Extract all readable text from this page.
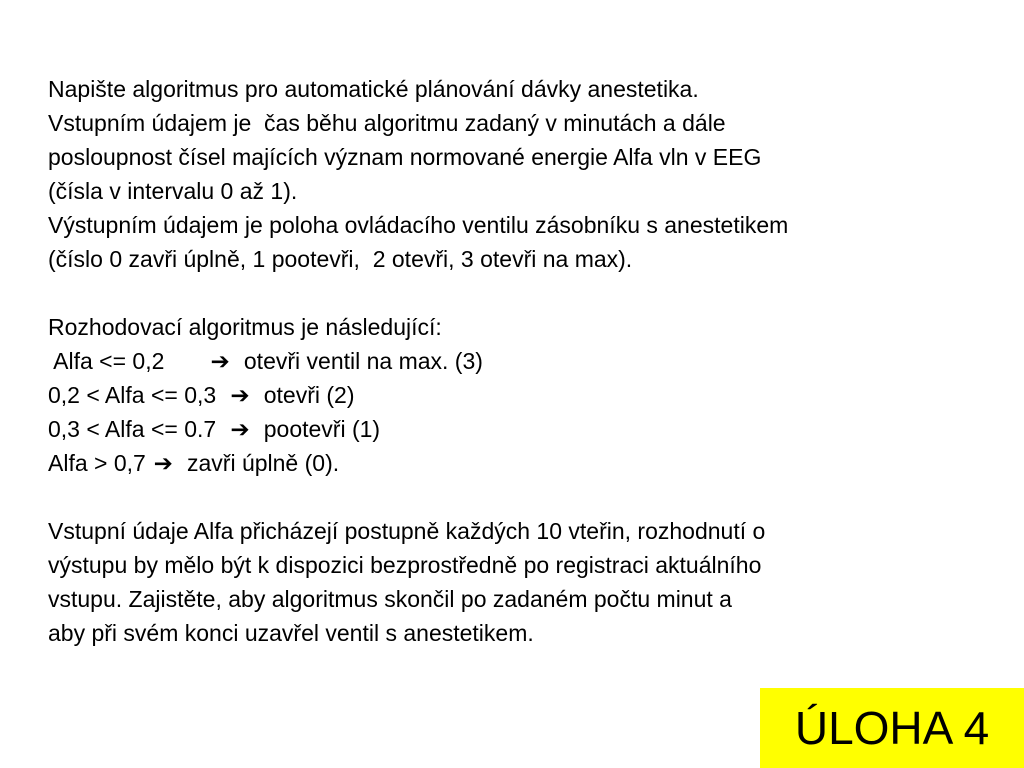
Napište algoritmus pro automatické plánování dávky anestetika.
Vstupním údajem je  čas běhu algoritmu zadaný v minutách a dále
posloupnost čísel majících význam normované energie Alfa vln v EEG
(čísla v intervalu 0 až 1).
Výstupním údajem je poloha ovládacího ventilu zásobníku s anestetikem
(číslo 0 zavři úplně, 1 pootevři,  2 otevři, 3 otevři na max).
Rozhodovací algoritmus je následující:
Alfa <= 0,2       ➔  otevři ventil na max. (3)
0,2 < Alfa <= 0,3  ➔  otevři (2)
0,3 < Alfa <= 0.7  ➔  pootevři (1)
Alfa > 0,7 ➔  zavři úplně (0).
Vstupní údaje Alfa přicházejí postupně každých 10 vteřin, rozhodnutí o
výstupu by mělo být k dispozici bezprostředně po registraci aktuálního
vstupu. Zajistěte, aby algoritmus skončil po zadaném počtu minut a
aby při svém konci uzavřel ventil s anestetikem.
ÚLOHA 4
